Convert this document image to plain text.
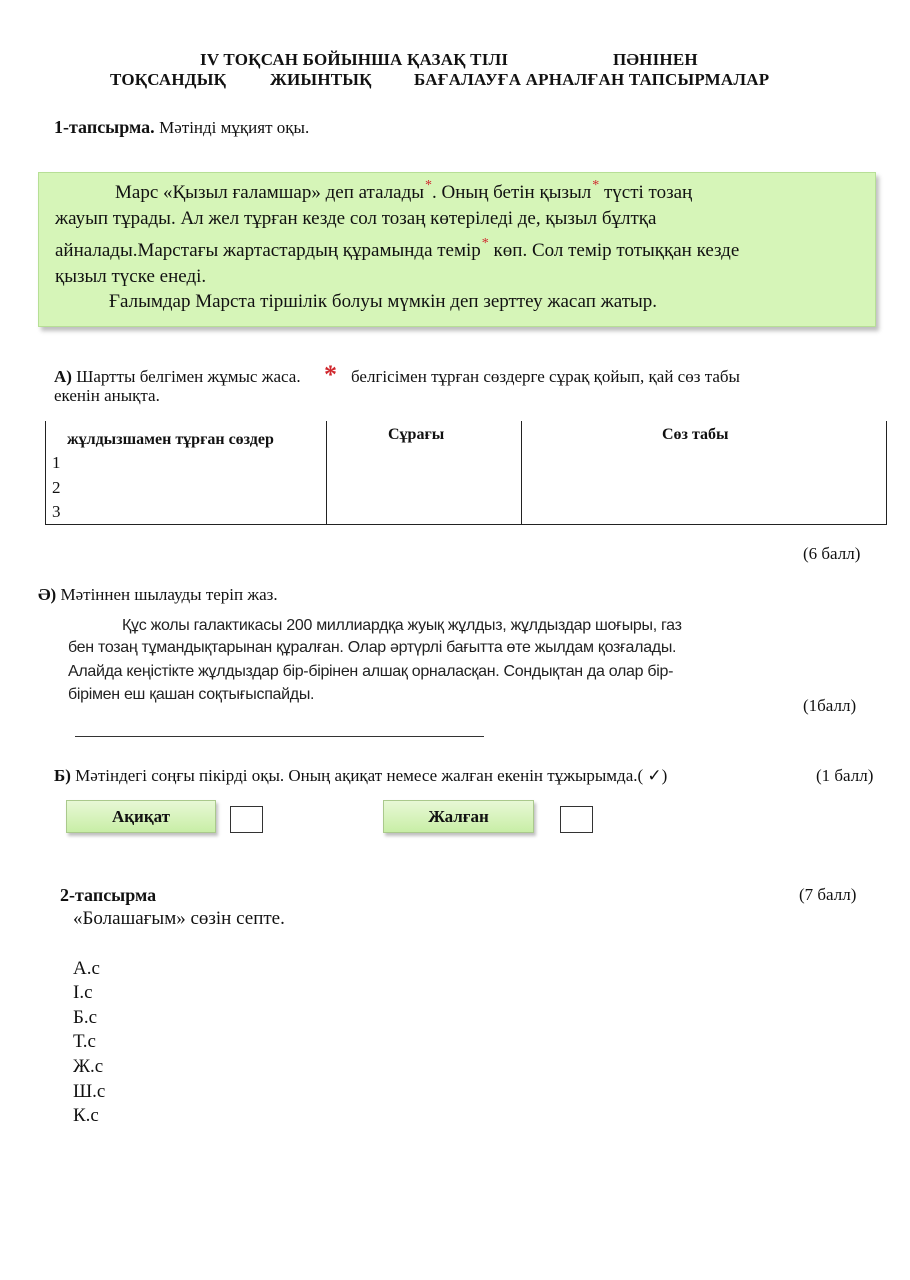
IV ТОҚСАН БОЙЫНША ҚАЗАҚ ТІЛІ	ПӘНІНЕН
ТОҚСАНДЫҚ	ЖИЫНТЫҚ БАҒАЛАУҒА АРНАЛҒАН ТАПСЫРМАЛАР
1-тапсырма. Мәтінді мұқият оқы.
Марс «Қызыл ғаламшар» деп аталады*. Оның бетін қызыл* түсті тозаң
жауып тұрады. Ал жел тұрған кезде сол тозаң көтеріледі де, қызыл бұлтқа
айналады.Марстағы жартастардың құрамында темір* көп. Сол темір тотыққан кезде
қызыл түске енеді.
Ғалымдар Марста тіршілік болуы мүмкін деп зерттеу жасап жатыр.
А) Шартты белгімен жұмыс жаса. * белгісімен тұрған сөздерге сұрақ қойып, қай сөз табы
екенін анықта.
жұлдызшамен тұрған сөздер	Сұрағы	Сөз табы
1
2
3
(6 балл)
Ә) Мәтіннен шылауды теріп жаз.
Құс жолы галактикасы 200 миллиардқа жуық жұлдыз, жұлдыздар шоғыры, газ
бен тозаң тұмандықтарынан құралған. Олар әртүрлі бағытта өте жылдам қозғалады.
Алайда кеңістікте жұлдыздар бір-бірінен алшақ орналасқан. Сондықтан да олар бір-
бірімен еш қашан соқтығыспайды.
(1балл)
Б) Мәтіндегі соңғы пікірді оқы. Оның ақиқат немесе жалған екенін тұжырымда.( ✓)	(1 балл)
Ақиқат	Жалған
2-тапсырма	(7 балл)
«Болашағым» сөзін септе.
А.с
І.с
Б.с
Т.с
Ж.с
Ш.с
К.с
